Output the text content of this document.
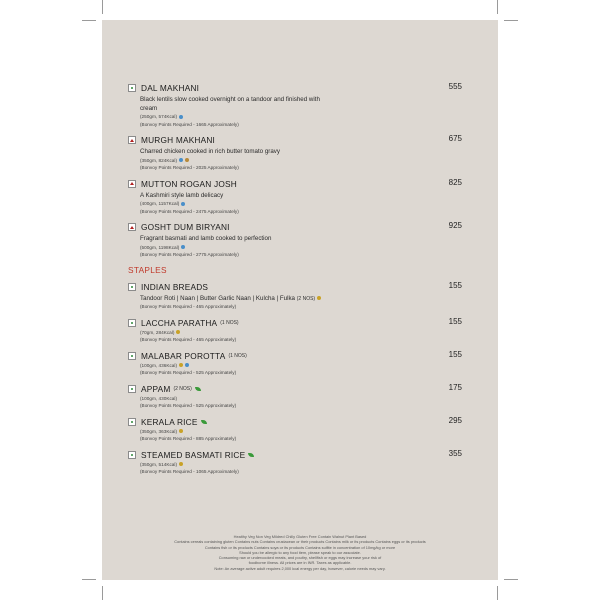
DAL MAKHANI	555
Black lentils slow cooked overnight on a tandoor and finished with cream
(250gm, 574Kcal)
(Bonvoy Points Required - 1665 Approximately)
MURGH MAKHANI	675
Charred chicken cooked in rich butter tomato gravy
(350gm, 824Kcal)
(Bonvoy Points Required - 2025 Approximately)
MUTTON ROGAN JOSH	825
A Kashmiri style lamb delicacy
(400gm, 1157Kcal)
(Bonvoy Points Required - 2475 Approximately)
GOSHT DUM BIRYANI	925
Fragrant basmati and lamb cooked to perfection
(500gm, 1198Kcal)
(Bonvoy Points Required - 2775 Approximately)
STAPLES
INDIAN BREADS	155
Tandoor Roti | Naan | Butter Garlic Naan | Kulcha | Fulka (2 NOS)
(Bonvoy Points Required - 465 Approximately)
LACCHA PARATHA (1 NOS)	155
(70gm, 284Kcal)
(Bonvoy Points Required - 465 Approximately)
MALABAR POROTTA (1 NOS)	155
(100gm, 436Kcal)
(Bonvoy Points Required - 525 Approximately)
APPAM (2 NOS)	175
(100gm, 430Kcal)
(Bonvoy Points Required - 525 Approximately)
KERALA RICE	295
(350gm, 363Kcal)
(Bonvoy Points Required - 885 Approximately)
STEAMED BASMATI RICE	355
(350gm, 514Kcal)
(Bonvoy Points Required - 1065 Approximately)
Healthy Veg Non Veg Mildred Chilly Gluten Free Contain Walnut Plant Based
Contains cereals containing gluten Contains nuts Contains crustacean or their products Contains milk or its products Contains eggs or its products
Contains fish or its products Contains soya or its products Contains sulfite in concentration of 10mg/kg or more
Should you be allergic to any food item, please speak to our associate.
Consuming raw or undercooked meats, and poultry, shellfish or eggs may increase your risk of
foodborne illness. All prices are in INR. Taxes as applicable.
Note: An average active adult requires 2,000 kcal energy per day, however, calorie needs may vary.
